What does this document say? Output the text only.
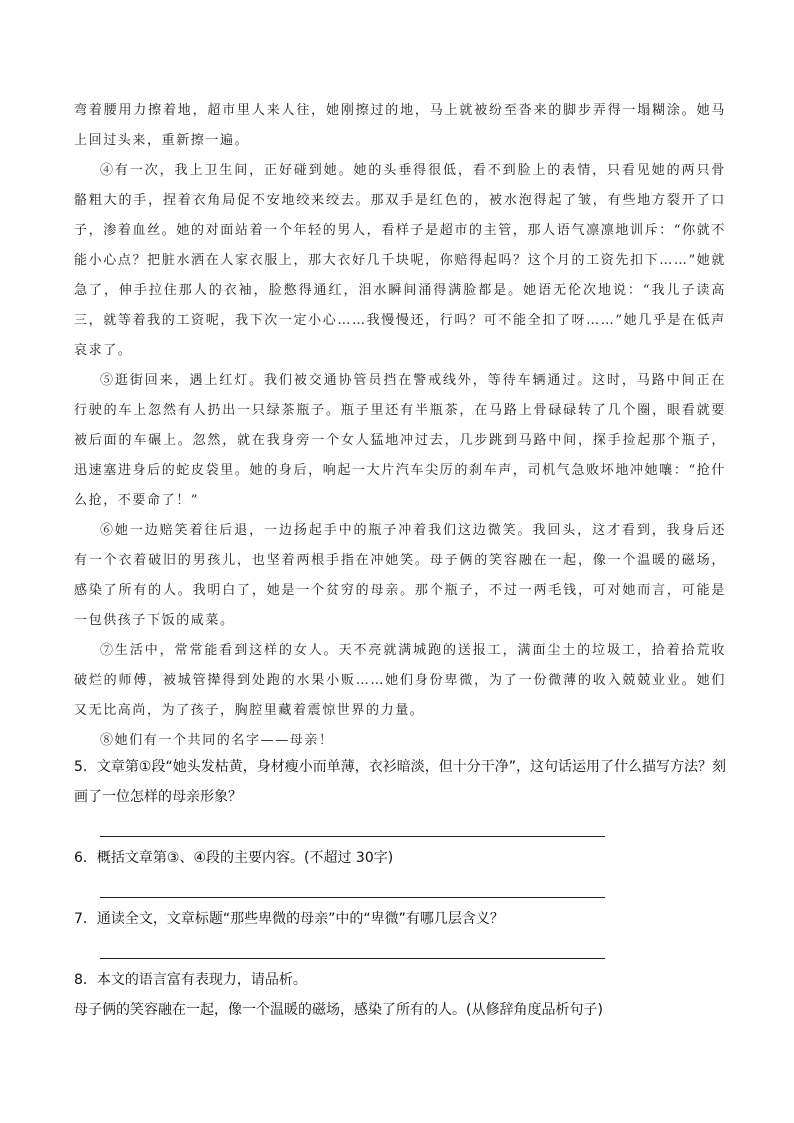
弯着腰用力擦着地，超市里人来人往，她刚擦过的地，马上就被纷至沓来的脚步弄得一塌糊涂。她马上回过头来，重新擦一遍。

④有一次，我上卫生间，正好碰到她。她的头垂得很低，看不到脸上的表情，只看见她的两只骨骼粗大的手，捏着衣角局促不安地绞来绞去。那双手是红色的，被水泡得起了皱，有些地方裂开了口子，渗着血丝。她的对面站着一个年轻的男人，看样子是超市的主管，那人语气凛凛地训斥：“你就不能小心点？把脏水洒在人家衣服上，那大衣好几千块呢，你赔得起吗？这个月的工资先扣下……”她就急了，伸手拉住那人的衣袖，脸憋得通红，泪水瞬间涌得满脸都是。她语无伦次地说：“我儿子读高三，就等着我的工资呢，我下次一定小心……我慢慢还，行吗？可不能全扣了呀……”她几乎是在低声哀求了。

⑤逛街回来，遇上红灯。我们被交通协管员挡在警戒线外，等待车辆通过。这时，马路中间正在行驶的车上忽然有人扔出一只绿茶瓶子。瓶子里还有半瓶茶，在马路上骨碌碌转了几个圈，眼看就要被后面的车碾上。忽然，就在我身旁一个女人猛地冲过去，几步跳到马路中间，探手捡起那个瓶子，迅速塞进身后的蛇皮袋里。她的身后，响起一大片汽车尖厉的刹车声，司机气急败坏地冲她嚷：“抢什么抢，不要命了！”

⑥她一边赔笑着往后退，一边扬起手中的瓶子冲着我们这边微笑。我回头，这才看到，我身后还有一个衣着破旧的男孩儿，也坚着两根手指在冲她笑。母子俩的笑容融在一起，像一个温暖的磁场，感染了所有的人。我明白了，她是一个贫穷的母亲。那个瓶子，不过一两毛钱，可对她而言，可能是一包供孩子下饭的咸菜。

⑦生活中，常常能看到这样的女人。天不亮就满城跑的送报工，满面尘土的垃圾工，拾着拾荒收破烂的师傅，被城管撵得到处跑的水果小贩……她们身份卑微，为了一份微薄的收入兢兢业业。她们又无比高尚，为了孩子，胸腔里藏着震惊世界的力量。

⑧她们有一个共同的名字——母亲！

5．文章第①段“她头发枯黄，身材瘦小而单薄，衣衫暗淡，但十分干净”，这句话运用了什么描写方法？刻画了一位怎样的母亲形象？

6．概括文章第③、④段的主要内容。(不超过 30字)

7．通读全文，文章标题“那些卑微的母亲”中的“卑微”有哪几层含义？

8．本文的语言富有表现力，请品析。

母子俩的笑容融在一起，像一个温暖的磁场，感染了所有的人。(从修辞角度品析句子)
